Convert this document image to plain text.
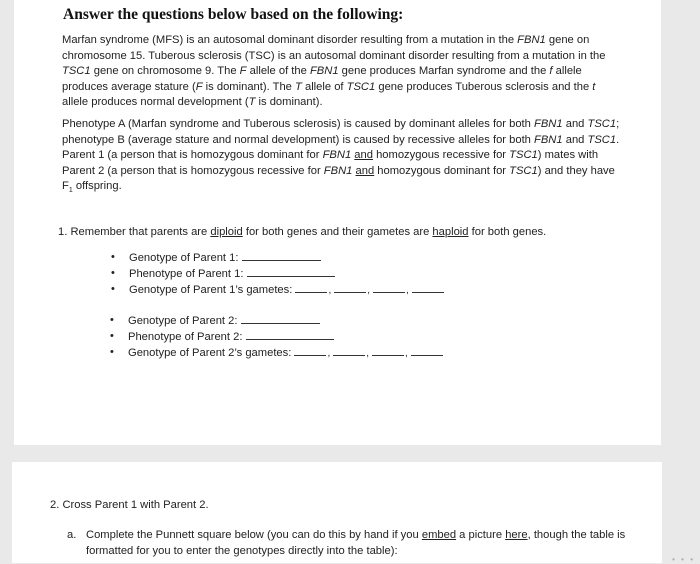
Answer the questions below based on the following:
Marfan syndrome (MFS) is an autosomal dominant disorder resulting from a mutation in the FBN1 gene on chromosome 15. Tuberous sclerosis (TSC) is an autosomal dominant disorder resulting from a mutation in the TSC1 gene on chromosome 9. The F allele of the FBN1 gene produces Marfan syndrome and the f allele produces average stature (F is dominant). The T allele of TSC1 gene produces Tuberous sclerosis and the t allele produces normal development (T is dominant).
Phenotype A (Marfan syndrome and Tuberous sclerosis) is caused by dominant alleles for both FBN1 and TSC1; phenotype B (average stature and normal development) is caused by recessive alleles for both FBN1 and TSC1. Parent 1 (a person that is homozygous dominant for FBN1 and homozygous recessive for TSC1) mates with Parent 2 (a person that is homozygous recessive for FBN1 and homozygous dominant for TSC1) and they have $F_1$ offspring.
1. Remember that parents are diploid for both genes and their gametes are haploid for both genes.
• Genotype of Parent 1:
• Phenotype of Parent 1:
• Genotype of Parent 1’s gametes:	,	,	,
• Genotype of Parent 2:
• Phenotype of Parent 2:
• Genotype of Parent 2’s gametes:	,	,	,
2. Cross Parent 1 with Parent 2.
a. Complete the Punnett square below (you can do this by hand if you embed a picture here, though the table is formatted for you to enter the genotypes directly into the table):
• • •
